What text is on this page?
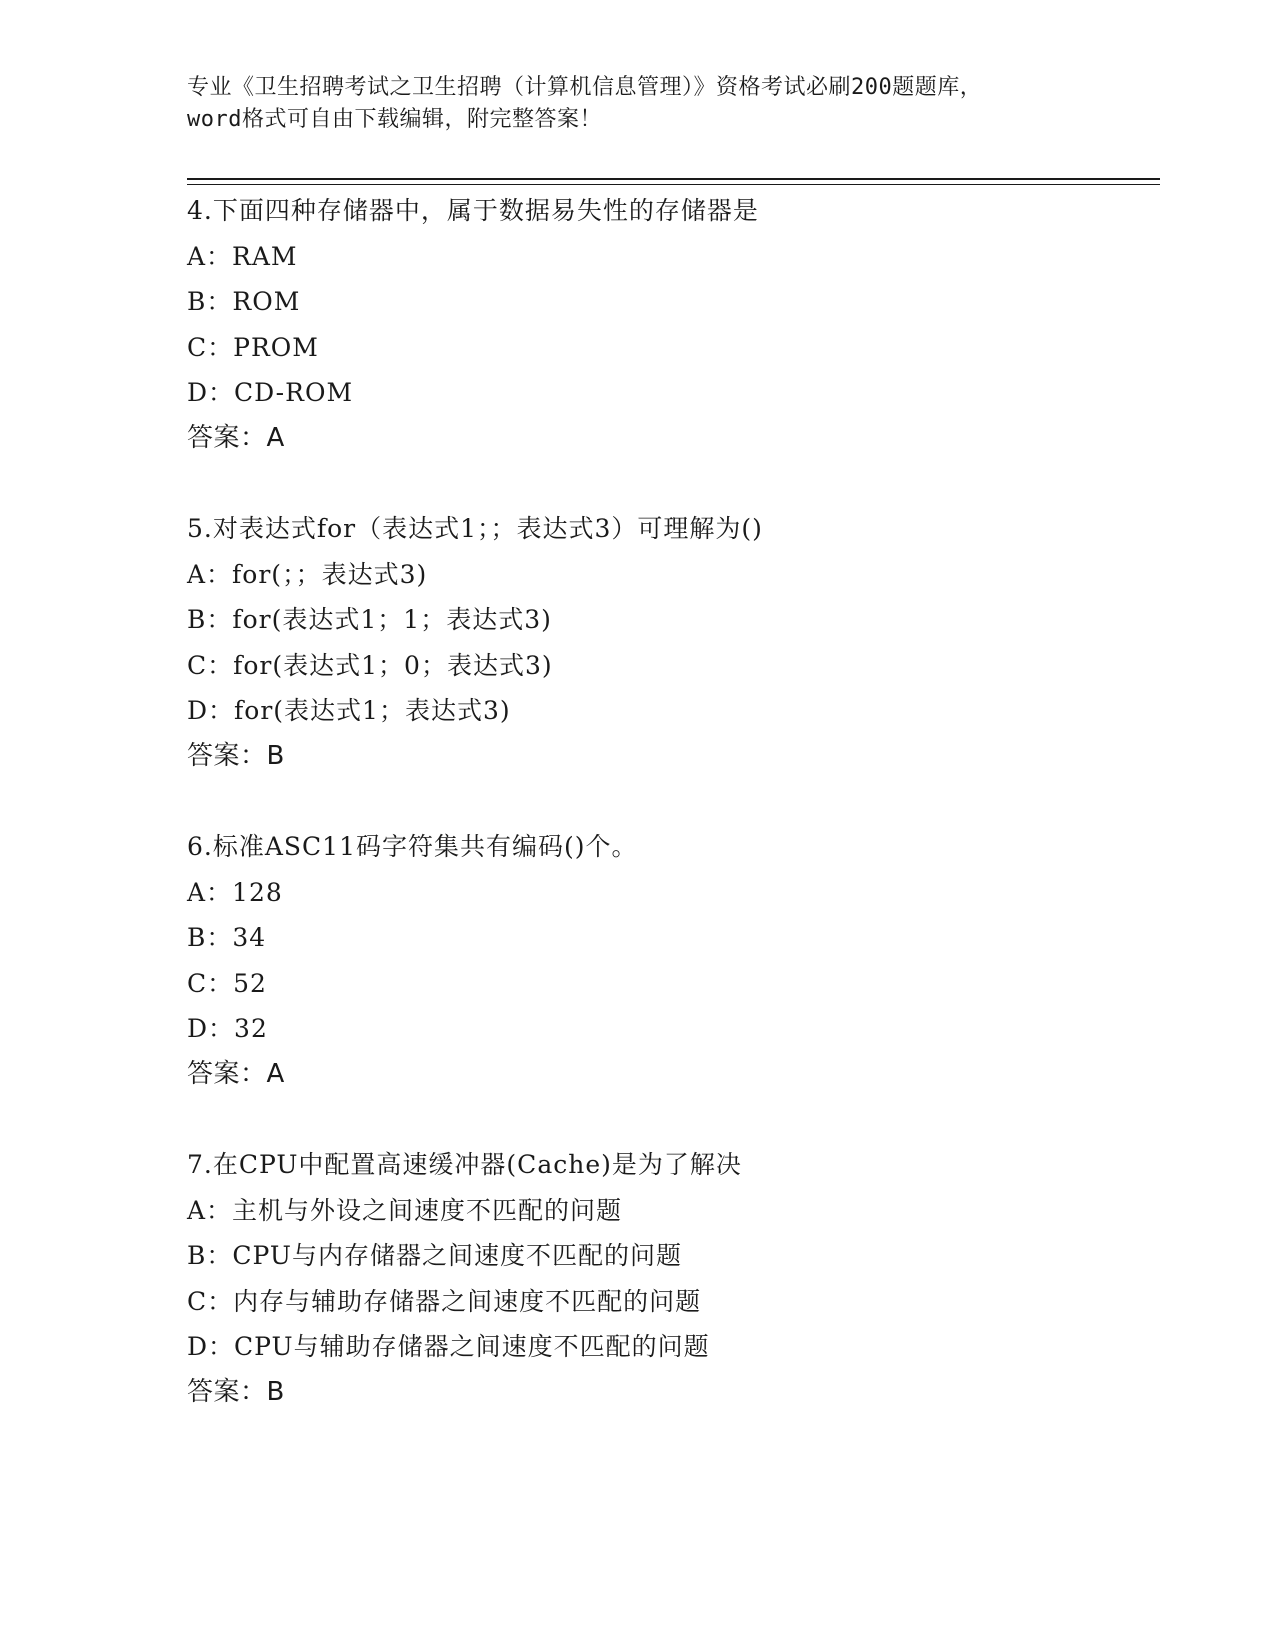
专业《卫生招聘考试之卫生招聘（计算机信息管理）》资格考试必刷200题题库，
word格式可自由下载编辑，附完整答案！
4.下面四种存储器中，属于数据易失性的存储器是
A：RAM
B：ROM
C：PROM
D：CD-ROM
答案：A
5.对表达式for（表达式1；；表达式3）可理解为()
A：for(；；表达式3)
B：for(表达式1；1；表达式3)
C：for(表达式1；0；表达式3)
D：for(表达式1；表达式3)
答案：B
6.标准ASC11码字符集共有编码()个。
A：128
B：34
C：52
D：32
答案：A
7.在CPU中配置高速缓冲器(Cache)是为了解决
A：主机与外设之间速度不匹配的问题
B：CPU与内存储器之间速度不匹配的问题
C：内存与辅助存储器之间速度不匹配的问题
D：CPU与辅助存储器之间速度不匹配的问题
答案：B
